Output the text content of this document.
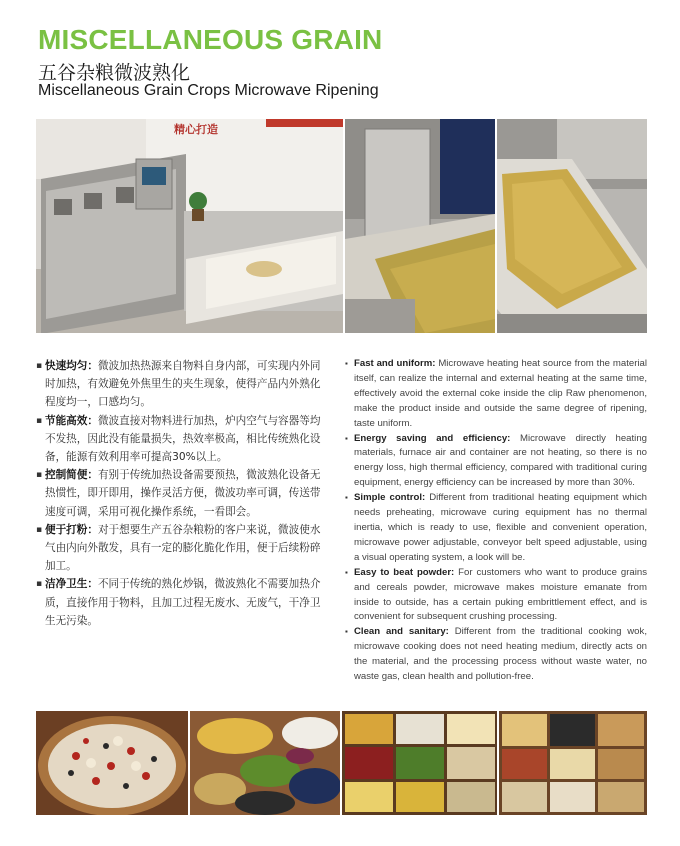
MISCELLANEOUS GRAIN
五谷杂粮微波熟化
Miscellaneous Grain Crops Microwave Ripening
精心打造
▪ 快速均匀：微波加热热源来自物料自身内部，可实现内外同时加热，有效避免外焦里生的夹生现象，使得产品内外熟化程度均一，口感均匀。
▪ 节能高效：微波直接对物料进行加热，炉内空气与容器等均不发热，因此没有能量损失，热效率极高，相比传统熟化设备，能源有效利用率可提高30%以上。
▪ 控制简便：有别于传统加热设备需要预热，微波熟化设备无热惯性，即开即用，操作灵活方便，微波功率可调，传送带速度可调，采用可视化操作系统，一看即会。
▪ 便于打粉：对于想要生产五谷杂粮粉的客户来说，微波使水气由内向外散发，具有一定的膨化脆化作用，便于后续粉碎加工。
▪ 洁净卫生：不同于传统的熟化炒锅，微波熟化不需要加热介质，直接作用于物料，且加工过程无废水、无废气，干净卫生无污染。
▪ Fast and uniform: Microwave heating heat source from the material itself, can realize the internal and external heating at the same time, effectively avoid the external coke inside the clip Raw phenomenon, make the product inside and outside the same degree of ripening, taste uniform.
▪ Energy saving and efficiency: Microwave directly heating materials, furnace air and container are not heating, so there is no energy loss, high thermal efficiency, compared with traditional curing equipment, energy efficiency can be increased by more than 30%.
▪ Simple control: Different from traditional heating equipment which needs preheating, microwave curing equipment has no thermal inertia, which is ready to use, flexible and convenient operation, microwave power adjustable, conveyor belt speed adjustable, using a visual operating system, a look will be.
▪ Easy to beat powder: For customers who want to produce grains and cereals powder, microwave makes moisture emanate from inside to outside, has a certain puking embrittlement effect, and is convenient for subsequent crushing processing.
▪ Clean and sanitary: Different from the traditional cooking wok, microwave cooking does not need heating medium, directly acts on the material, and the processing process without waste water, no waste gas, clean health and pollution-free.
